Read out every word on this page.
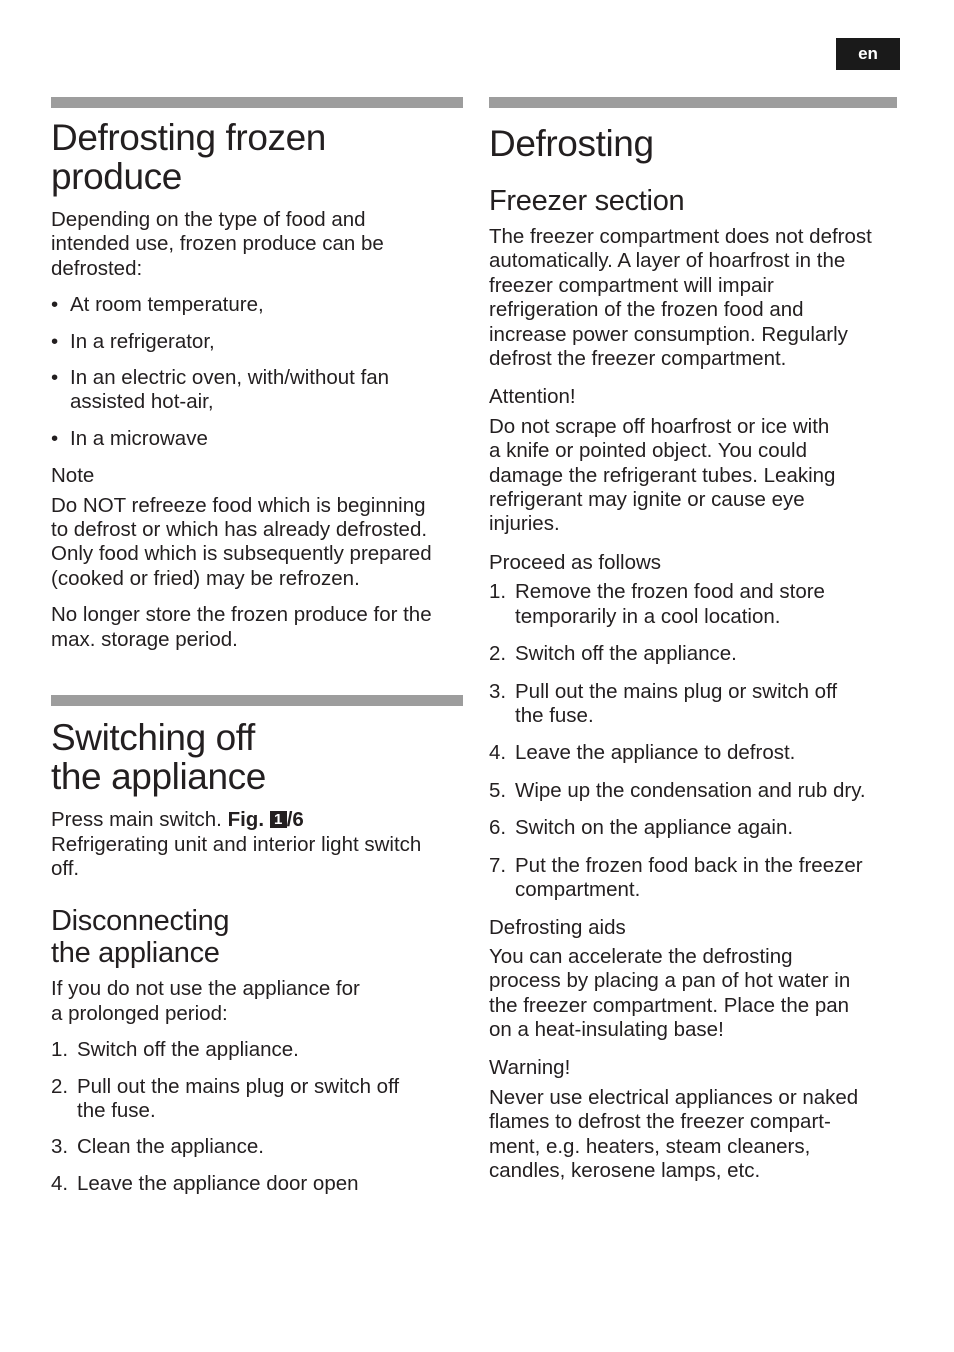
en
Defrosting frozen
produce

Depending on the type of food and
intended use, frozen produce can be
defrosted:

• At room temperature,
• In a refrigerator,
• In an electric oven, with/without fan
assisted hot-air,
• In a microwave

Note

Do NOT refreeze food which is beginning
to defrost or which has already defrosted.
Only food which is subsequently prepared
(cooked or fried) may be refrozen.

No longer store the frozen produce for the
max. storage period.

Switching off
the appliance

Press main switch. Fig. 1 /6
Refrigerating unit and interior light switch
off.

Disconnecting
the appliance

If you do not use the appliance for
a prolonged period:

1. Switch off the appliance.
2. Pull out the mains plug or switch off
the fuse.
3. Clean the appliance.
4. Leave the appliance door open
Defrosting
Freezer section

The freezer compartment does not defrost
automatically. A layer of hoarfrost in the
freezer compartment will impair
refrigeration of the frozen food and
increase power consumption. Regularly
defrost the freezer compartment.

Attention!

Do not scrape off hoarfrost or ice with
a knife or pointed object. You could
damage the refrigerant tubes. Leaking
refrigerant may ignite or cause eye
injuries.

Proceed as follows

1. Remove the frozen food and store
temporarily in a cool location.
2. Switch off the appliance.
3. Pull out the mains plug or switch off
the fuse.
4. Leave the appliance to defrost.
5. Wipe up the condensation and rub dry.
6. Switch on the appliance again.
7. Put the frozen food back in the freezer
compartment.

Defrosting aids

You can accelerate the defrosting
process by placing a pan of hot water in
the freezer compartment. Place the pan
on a heat-insulating base!

Warning!

Never use electrical appliances or naked
flames to defrost the freezer compart-
ment, e.g. heaters, steam cleaners,
candles, kerosene lamps, etc.
